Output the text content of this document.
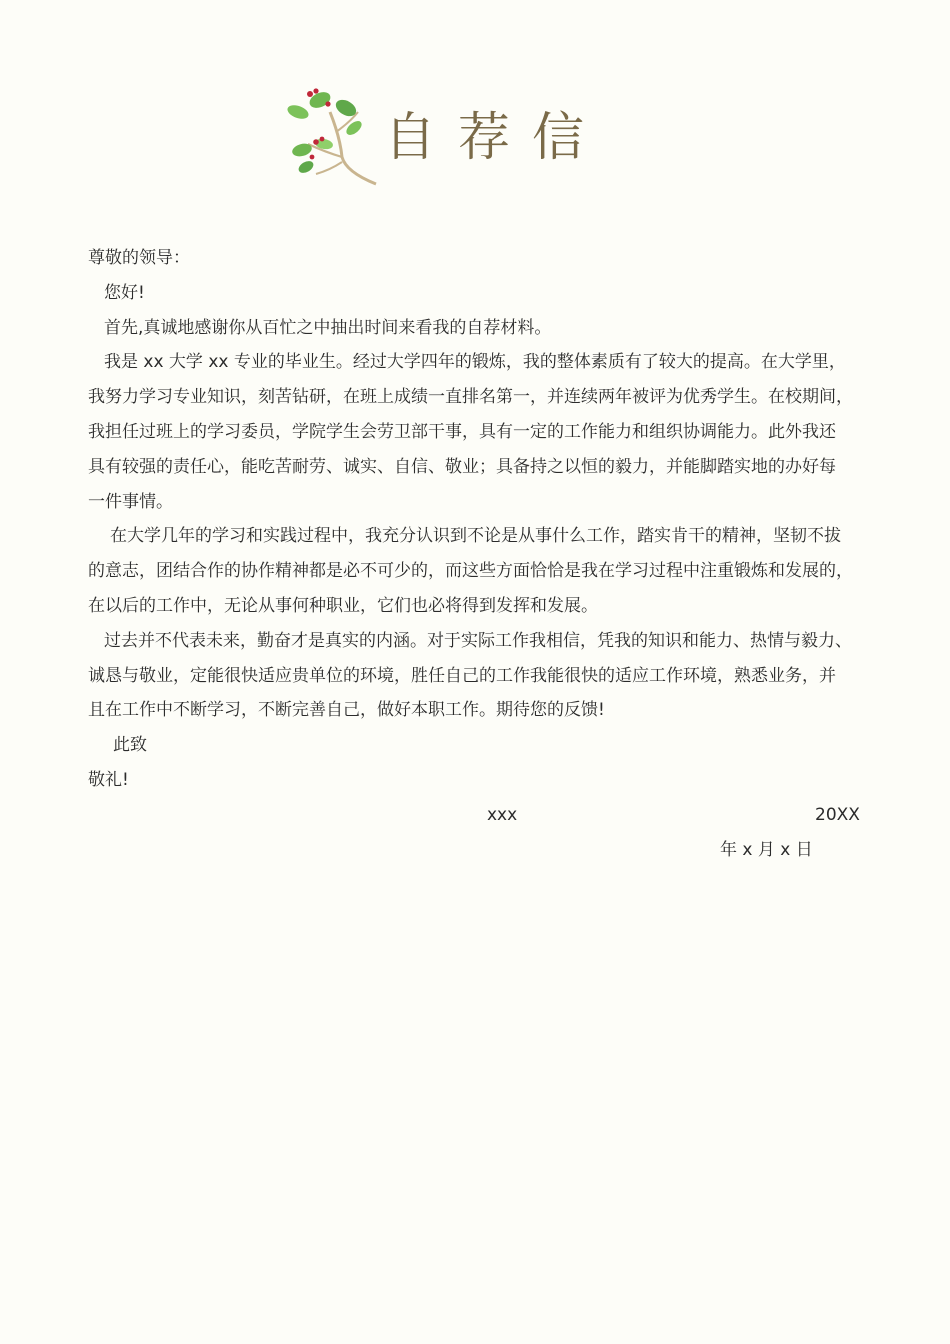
自荐信
尊敬的领导：
您好!
首先,真诚地感谢你从百忙之中抽出时间来看我的自荐材料。
我是 xx 大学 xx 专业的毕业生。经过大学四年的锻炼，我的整体素质有了较大的提高。在大学里，
我努力学习专业知识，刻苦钻研，在班上成绩一直排名第一，并连续两年被评为优秀学生。在校期间，
我担任过班上的学习委员，学院学生会劳卫部干事，具有一定的工作能力和组织协调能力。此外我还
具有较强的责任心，能吃苦耐劳、诚实、自信、敬业；具备持之以恒的毅力，并能脚踏实地的办好每
一件事情。
在大学几年的学习和实践过程中，我充分认识到不论是从事什么工作，踏实肯干的精神，坚韧不拔
的意志，团结合作的协作精神都是必不可少的，而这些方面恰恰是我在学习过程中注重锻炼和发展的，
在以后的工作中，无论从事何种职业，它们也必将得到发挥和发展。
过去并不代表未来，勤奋才是真实的内涵。对于实际工作我相信，凭我的知识和能力、热情与毅力、
诚恳与敬业，定能很快适应贵单位的环境，胜任自己的工作我能很快的适应工作环境，熟悉业务，并
且在工作中不断学习，不断完善自己，做好本职工作。期待您的反馈!
此致
敬礼!
xxx	20XX
年 x 月 x 日
